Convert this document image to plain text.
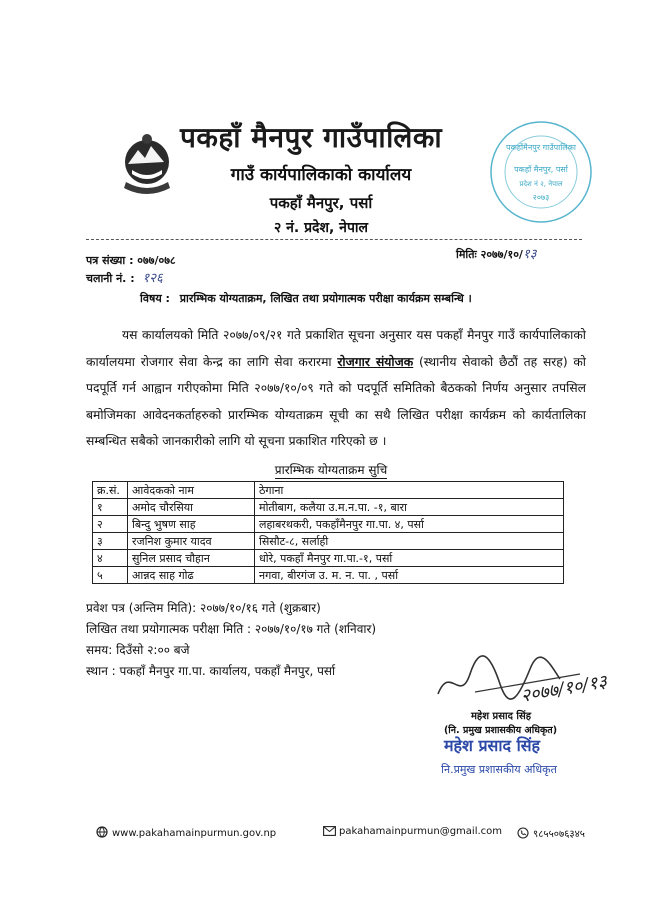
पकहाँ मैनपुर गाउँपालिका
गाउँ कार्यपालिकाको कार्यालय
पकहाँ मैनपुर, पर्सा
२ नं. प्रदेश, नेपाल
पकहाँमैनपुर गाउँपालिका
पकहाँ मैनपुर, पर्सा
प्रदेश नं २, नेपाल
२०७३
पत्र संख्या : ०७७/०७८
चलानी नं. : १२६
मितिः २०७७/१०/१३
विषय : प्रारम्भिक योग्यताक्रम, लिखित तथा प्रयोगात्मक परीक्षा कार्यक्रम सम्बन्धि ।
यस कार्यालयको मिति २०७७/०९/२१ गते प्रकाशित सूचना अनुसार यस पकहाँ मैनपुर गाउँ कार्यपालिकाको कार्यालयमा रोजगार सेवा केन्द्र का लागि सेवा करारमा रोजगार संयोजक (स्थानीय सेवाको छैठौं तह सरह) को पदपूर्ति गर्न आह्वान गरीएकोमा मिति २०७७/१०/०९ गते को पदपूर्ति समितिको बैठकको निर्णय अनुसार तपसिल बमोजिमका आवेदनकर्ताहरुको प्रारम्भिक योग्यताक्रम सूची का सथै लिखित परीक्षा कार्यक्रम को कार्यतालिका सम्बन्धित सबैको जानकारीको लागि यो सूचना प्रकाशित गरिएको छ ।
प्रारम्भिक योग्यताक्रम सुचि
क्र.सं.	आवेदकको नाम	ठेगाना
१	अमोद चौरसिया	मोतीबाग, कलैया उ.म.न.पा. -१, बारा
२	बिन्दु भुषण साह	लहाबरथकरी, पकहाँमैनपुर गा.पा. ४, पर्सा
३	रजनिश कुमार यादव	सिसौट-८, सर्लाही
४	सुनिल प्रसाद चौहान	धोरे, पकहाँ मैनपुर गा.पा.-१, पर्सा
५	आन्नद साह गोढ	नगवा, बीरगंज उ. म. न. पा. , पर्सा
प्रवेश पत्र (अन्तिम मिति): २०७७/१०/१६ गते (शुक्रबार)
लिखित तथा प्रयोगात्मक परीक्षा मिति : २०७७/१०/१७ गते (शनिवार)
समय: दिउँसो २:०० बजे
स्थान : पकहाँ मैनपुर गा.पा. कार्यालय, पकहाँ मैनपुर, पर्सा
२०७७/१०/१३
महेश प्रसाद सिंह
(नि. प्रमुख प्रशासकीय अधिकृत)
महेश प्रसाद सिंह
नि.प्रमुख प्रशासकीय अधिकृत
www.pakahamainpurmun.gov.np	pakahamainpurmun@gmail.com	९८५५०७६३४५
